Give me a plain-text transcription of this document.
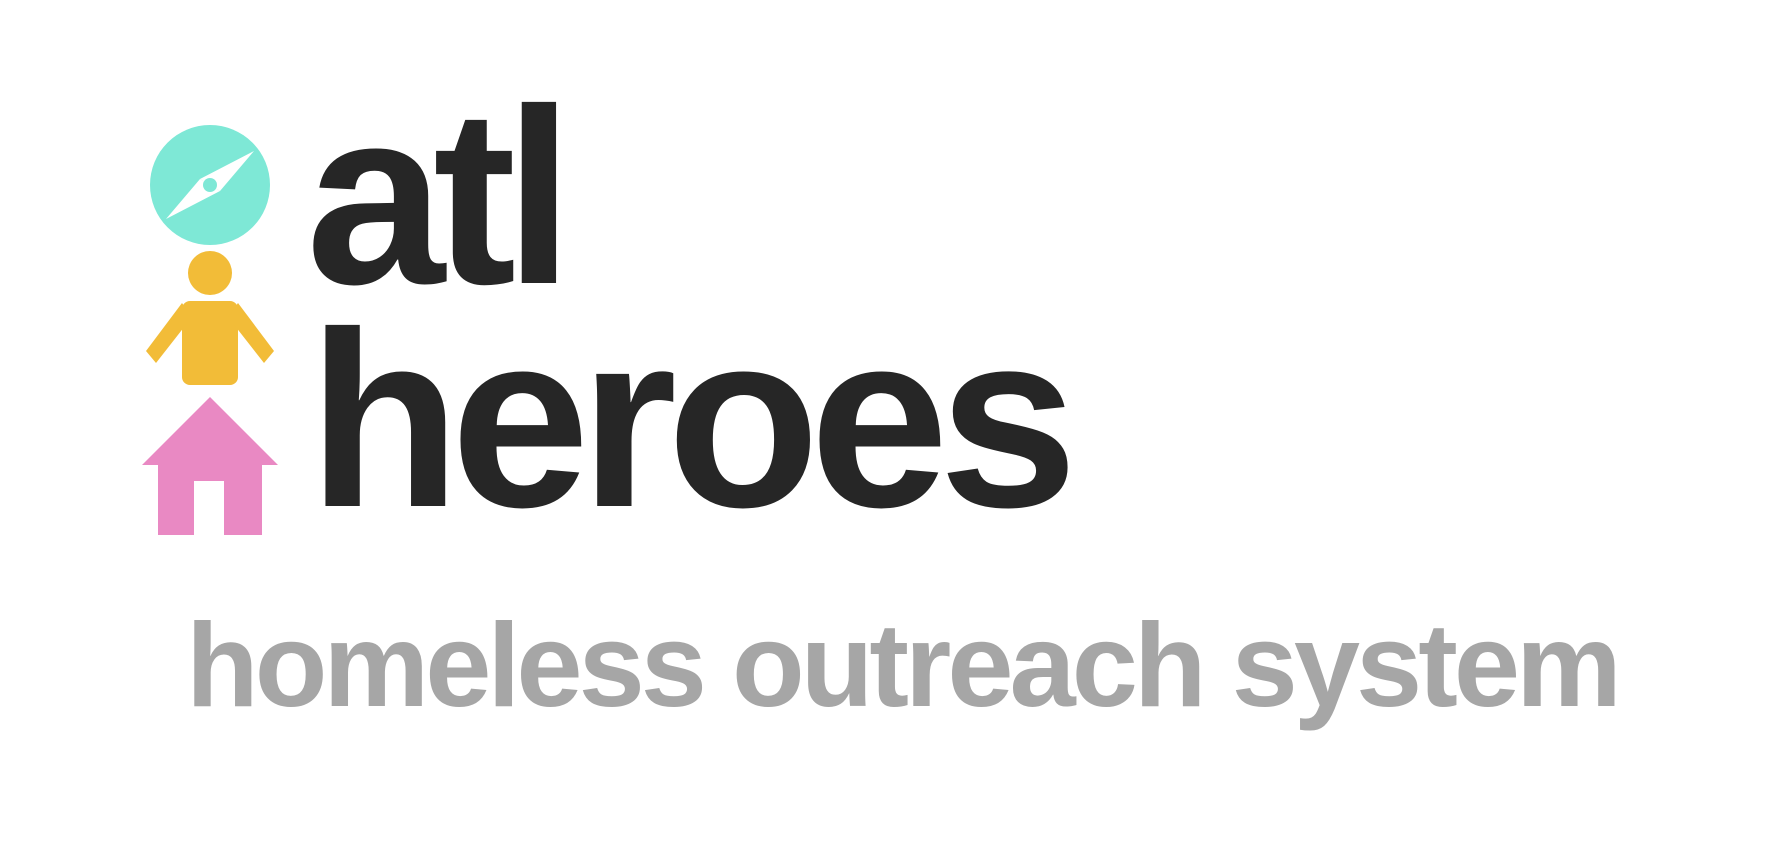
atl
heroes
homeless outreach system
